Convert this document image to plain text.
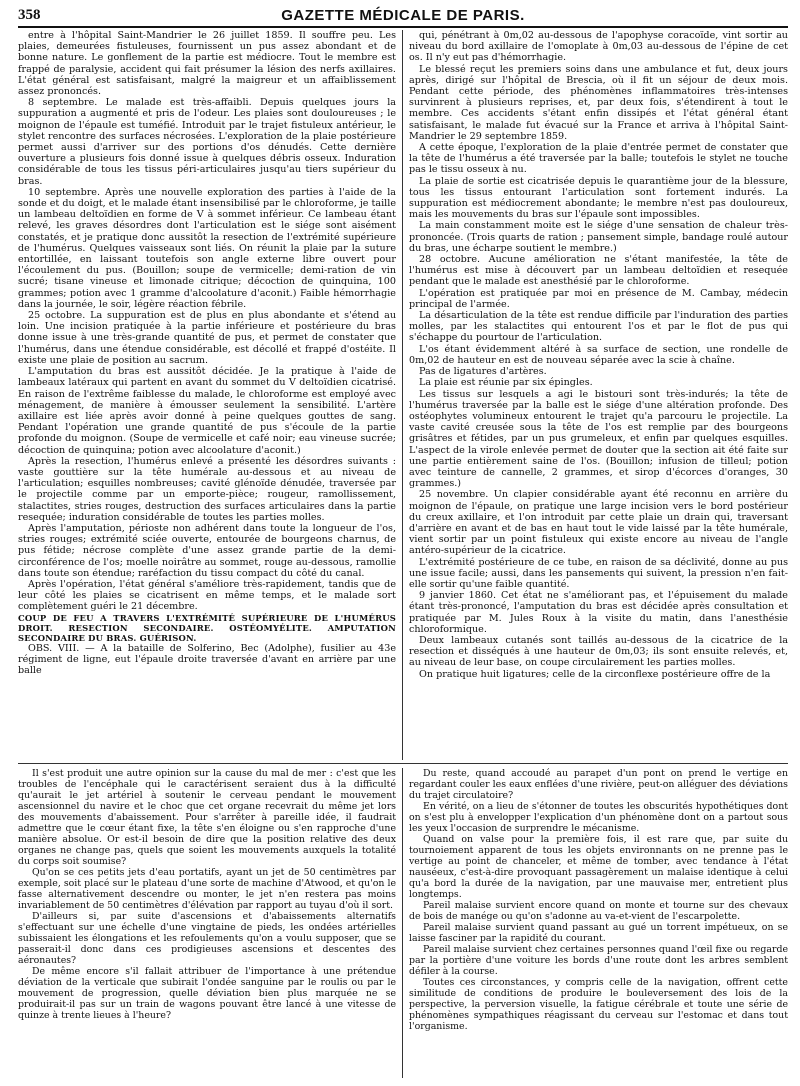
358	GAZETTE MÉDICALE DE PARIS.

entre à l'hôpital Saint-Mandrier le 26 juillet 1859. Il souffre peu. Les plaies, demeurées fistuleuses, fournissent un pus assez abondant et de bonne nature. Le gonflement de la partie est médiocre. Tout le membre est frappé de paralysie, accident qui fait présumer la lésion des nerfs axillaires. L'état général est satisfaisant, malgré la maigreur et un affaiblissement assez prononcés.

8 septembre. Le malade est très-affaibli. Depuis quelques jours la suppuration a augmenté et pris de l'odeur. Les plaies sont douloureuses ; le moignon de l'épaule est tuméfié. Introduit par le trajet fistuleux antérieur, le stylet rencontre des surfaces nécrosées. L'exploration de la plaie postérieure permet aussi d'arriver sur des portions d'os dénudés. Cette dernière ouverture a plusieurs fois donné issue à quelques débris osseux. Induration considérable de tous les tissus péri-articulaires jusqu'au tiers supérieur du bras.

10 septembre. Après une nouvelle exploration des parties à l'aide de la sonde et du doigt, et le malade étant insensibilisé par le chloroforme, je taille un lambeau deltoïdien en forme de V à sommet inférieur. Ce lambeau étant relevé, les graves désordres dont l'articulation est le siége sont aisément constatés, et je pratique donc aussitôt la resection de l'extrémité supérieure de l'humérus. Quelques vaisseaux sont liés. On réunit la plaie par la suture entortillée, en laissant toutefois son angle externe libre ouvert pour l'écoulement du pus. (Bouillon; soupe de vermicelle; demi-ration de vin sucré; tisane vineuse et limonade citrique; décoction de quinquina, 100 grammes; potion avec 1 gramme d'alcoolature d'aconit.) Faible hémorrhagie dans la journée, le soir, légère réaction fébrile.

25 octobre. La suppuration est de plus en plus abondante et s'étend au loin. Une incision pratiquée à la partie inférieure et postérieure du bras donne issue à une très-grande quantité de pus, et permet de constater que l'humérus, dans une étendue considérable, est décollé et frappé d'ostéite. Il existe une plaie de position au sacrum.

L'amputation du bras est aussitôt décidée. Je la pratique à l'aide de lambeaux latéraux qui partent en avant du sommet du V deltoïdien cicatrisé. En raison de l'extrême faiblesse du malade, le chloroforme est employé avec ménagement, de manière à émousser seulement la sensibilité. L'artère axillaire est liée après avoir donné à peine quelques gouttes de sang. Pendant l'opération une grande quantité de pus s'écoule de la partie profonde du moignon. (Soupe de vermicelle et café noir; eau vineuse sucrée; décoction de quinquina; potion avec alcoolature d'aconit.)

Après la resection, l'humérus enlevé a présenté les désordres suivants : vaste gouttière sur la tête humérale au-dessous et au niveau de l'articulation; esquilles nombreuses; cavité glénoïde dénudée, traversée par le projectile comme par un emporte-pièce; rougeur, ramollissement, stalactites, stries rouges, destruction des surfaces articulaires dans la partie resequée; induration considérable de toutes les parties molles.

Après l'amputation, périoste non adhérent dans toute la longueur de l'os, stries rouges; extrémité sciée ouverte, entourée de bourgeons charnus, de pus fétide; nécrose complète d'une assez grande partie de la demi-circonférence de l'os; moelle noirâtre au sommet, rouge au-dessous, ramollie dans toute son étendue; raréfaction du tissu compact du côté du canal.

Après l'opération, l'état général s'améliore très-rapidement, tandis que de leur côté les plaies se cicatrisent en même temps, et le malade sort complètement guéri le 21 décembre.

COUP DE FEU A TRAVERS L'EXTRÉMITÉ SUPÉRIEURE DE L'HUMÉRUS DROIT. RESECTION SECONDAIRE. OSTÉOMYÉLITE. AMPUTATION SECONDAIRE DU BRAS. GUÉRISON.

OBS. VIII. — A la bataille de Solferino, Bec (Adolphe), fusilier au 43e régiment de ligne, eut l'épaule droite traversée d'avant en arrière par une balle

qui, pénétrant à 0m,02 au-dessous de l'apophyse coracoïde, vint sortir au niveau du bord axillaire de l'omoplate à 0m,03 au-dessous de l'épine de cet os. Il n'y eut pas d'hémorrhagie.

Le blessé reçut les premiers soins dans une ambulance et fut, deux jours après, dirigé sur l'hôpital de Brescia, où il fit un séjour de deux mois. Pendant cette période, des phénomènes inflammatoires très-intenses survinrent à plusieurs reprises, et, par deux fois, s'étendirent à tout le membre. Ces accidents s'étant enfin dissipés et l'état général étant satisfaisant, le malade fut évacué sur la France et arriva à l'hôpital Saint-Mandrier le 29 septembre 1859.

A cette époque, l'exploration de la plaie d'entrée permet de constater que la tête de l'humérus a été traversée par la balle; toutefois le stylet ne touche pas le tissu osseux à nu.

La plaie de sortie est cicatrisée depuis le quarantième jour de la blessure, tous les tissus entourant l'articulation sont fortement indurés. La suppuration est médiocrement abondante; le membre n'est pas douloureux, mais les mouvements du bras sur l'épaule sont impossibles.

La main constamment moite est le siége d'une sensation de chaleur très-prononcée. (Trois quarts de ration ; pansement simple, bandage roulé autour du bras, une écharpe soutient le membre.)

28 octobre. Aucune amélioration ne s'étant manifestée, la tête de l'humérus est mise à découvert par un lambeau deltoïdien et resequée pendant que le malade est anesthésié par le chloroforme.

L'opération est pratiquée par moi en présence de M. Cambay, médecin principal de l'armée.

La désarticulation de la tête est rendue difficile par l'induration des parties molles, par les stalactites qui entourent l'os et par le flot de pus qui s'échappe du pourtour de l'articulation.

L'os étant évidemment altéré à sa surface de section, une rondelle de 0m,02 de hauteur en est de nouveau séparée avec la scie à chaîne.

Pas de ligatures d'artères.

La plaie est réunie par six épingles.

Les tissus sur lesquels a agi le bistouri sont très-indurés; la tête de l'humérus traversée par la balle est le siége d'une altération profonde. Des ostéophytes volumineux entourent le trajet qu'a parcouru le projectile. La vaste cavité creusée sous la tête de l'os est remplie par des bourgeons grisâtres et fétides, par un pus grumeleux, et enfin par quelques esquilles. L'aspect de la virole enlevée permet de douter que la section ait été faite sur une partie entièrement saine de l'os. (Bouillon; infusion de tilleul; potion avec teinture de cannelle, 2 grammes, et sirop d'écorces d'oranges, 30 grammes.)

25 novembre. Un clapier considérable ayant été reconnu en arrière du moignon de l'épaule, on pratique une large incision vers le bord postérieur du creux axillaire, et l'on introduit par cette plaie un drain qui, traversant d'arrière en avant et de bas en haut tout le vide laissé par la tête humérale, vient sortir par un point fistuleux qui existe encore au niveau de l'angle antéro-supérieur de la cicatrice.

L'extrémité postérieure de ce tube, en raison de sa déclivité, donne au pus une issue facile; aussi, dans les pansements qui suivent, la pression n'en fait-elle sortir qu'une faible quantité.

9 janvier 1860. Cet état ne s'améliorant pas, et l'épuisement du malade étant très-prononcé, l'amputation du bras est décidée après consultation et pratiquée par M. Jules Roux à la visite du matin, dans l'anesthésie chloroformique.

Deux lambeaux cutanés sont taillés au-dessous de la cicatrice de la resection et disséqués à une hauteur de 0m,03; ils sont ensuite relevés, et, au niveau de leur base, on coupe circulairement les parties molles.

On pratique huit ligatures; celle de la circonflexe postérieure offre de la

Il s'est produit une autre opinion sur la cause du mal de mer : c'est que les troubles de l'encéphale qui le caractérisent seraient dus à la difficulté qu'aurait le jet artériel à soutenir le cerveau pendant le mouvement ascensionnel du navire et le choc que cet organe recevrait du même jet lors des mouvements d'abaissement. Pour s'arrêter à pareille idée, il faudrait admettre que le cœur étant fixe, la tête s'en éloigne ou s'en rapproche d'une manière absolue. Or est-il besoin de dire que la position relative des deux organes ne change pas, quels que soient les mouvements auxquels la totalité du corps soit soumise?

Qu'on se ces petits jets d'eau portatifs, ayant un jet de 50 centimètres par exemple, soit placé sur le plateau d'une sorte de machine d'Atwood, et qu'on le fasse alternativement descendre ou monter, le jet n'en restera pas moins invariablement de 50 centimètres d'élévation par rapport au tuyau d'où il sort.

D'ailleurs si, par suite d'ascensions et d'abaissements alternatifs s'effectuant sur une échelle d'une vingtaine de pieds, les ondées artérielles subissaient les élongations et les refoulements qu'on a voulu supposer, que se passerait-il donc dans ces prodigieuses ascensions et descentes des aéronautes?

De même encore s'il fallait attribuer de l'importance à une prétendue déviation de la verticale que subirait l'ondée sanguine par le roulis ou par le mouvement de progression, quelle déviation bien plus marquée ne se produirait-il pas sur un train de wagons pouvant être lancé à une vitesse de quinze à trente lieues à l'heure?

Du reste, quand accoudé au parapet d'un pont on prend le vertige en regardant couler les eaux enflées d'une rivière, peut-on alléguer des déviations du trajet circulatoire?

En vérité, on a lieu de s'étonner de toutes les obscurités hypothétiques dont on s'est plu à envelopper l'explication d'un phénomène dont on a partout sous les yeux l'occasion de surprendre le mécanisme.

Quand on valse pour la première fois, il est rare que, par suite du tournoiement apparent de tous les objets environnants on ne prenne pas le vertige au point de chanceler, et même de tomber, avec tendance à l'état nauséeux, c'est-à-dire provoquant passagèrement un malaise identique à celui qu'a bord la durée de la navigation, par une mauvaise mer, entretient plus longtemps.

Pareil malaise survient encore quand on monte et tourne sur des chevaux de bois de manége ou qu'on s'adonne au va-et-vient de l'escarpolette.

Pareil malaise survient quand passant au gué un torrent impétueux, on se laisse fasciner par la rapidité du courant.

Pareil malaise survient chez certaines personnes quand l'œil fixe ou regarde par la portière d'une voiture les bords d'une route dont les arbres semblent défiler à la course.

Toutes ces circonstances, y compris celle de la navigation, offrent cette similitude de conditions de produire le bouleversement des lois de la perspective, la perversion visuelle, la fatigue cérébrale et toute une série de phénomènes sympathiques réagissant du cerveau sur l'estomac et dans tout l'organisme.
